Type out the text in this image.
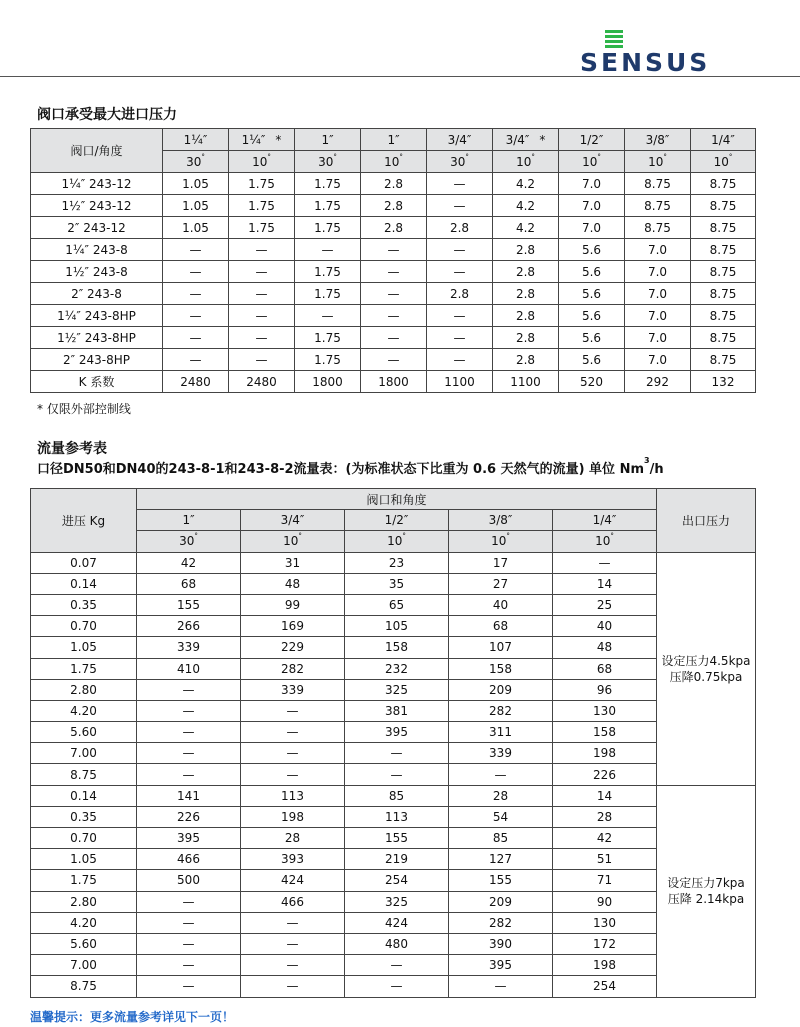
SENSUS
阀口承受最大进口压力
阀口/角度	1¼″	1¼″ *	1″	1″	3/4″	3/4″ *	1/2″	3/8″	1/4″
	30°	10°	30°	10°	30°	10°	10°	10°	10°
1¼″ 243-12	1.05	1.75	1.75	2.8	—	4.2	7.0	8.75	8.75
1½″ 243-12	1.05	1.75	1.75	2.8	—	4.2	7.0	8.75	8.75
2″ 243-12	1.05	1.75	1.75	2.8	2.8	4.2	7.0	8.75	8.75
1¼″ 243-8	—	—	—	—	—	2.8	5.6	7.0	8.75
1½″ 243-8	—	—	1.75	—	—	2.8	5.6	7.0	8.75
2″ 243-8	—	—	1.75	—	2.8	2.8	5.6	7.0	8.75
1¼″ 243-8HP	—	—	—	—	—	2.8	5.6	7.0	8.75
1½″ 243-8HP	—	—	1.75	—	—	2.8	5.6	7.0	8.75
2″ 243-8HP	—	—	1.75	—	—	2.8	5.6	7.0	8.75
K 系数	2480	2480	1800	1800	1100	1100	520	292	132
* 仅限外部控制线
流量参考表
口径DN50和DN40的243-8-1和243-8-2流量表：(为标准状态下比重为 0.6 天然气的流量) 单位 Nm$^3$/h
进压 Kg	阀口和角度					出口压力
	1″	3/4″	1/2″	3/8″	1/4″	
	30°	10°	10°	10°	10°
0.07	42	31	23	17	—	设定压力4.5kpa
压降0.75kpa

0.14	68	48	35	27	14	
0.35	155	99	65	40	25	
0.70	266	169	105	68	40	
1.05	339	229	158	107	48	
1.75	410	282	232	158	68	
2.80	—	339	325	209	96	
4.20	—	—	381	282	130	
5.60	—	—	395	311	158	
7.00	—	—	—	339	198	
8.75	—	—	—	—	226	
0.14	141	113	85	28	14	设定压力7kpa
压降 2.14kpa

0.35	226	198	113	54	28	
0.70	395	28	155	85	42	
1.05	466	393	219	127	51	
1.75	500	424	254	155	71	
2.80	—	466	325	209	90	
4.20	—	—	424	282	130	
5.60	—	—	480	390	172	
7.00	—	—	—	395	198	
8.75	—	—	—	—	254	
温馨提示：更多流量参考详见下一页！
